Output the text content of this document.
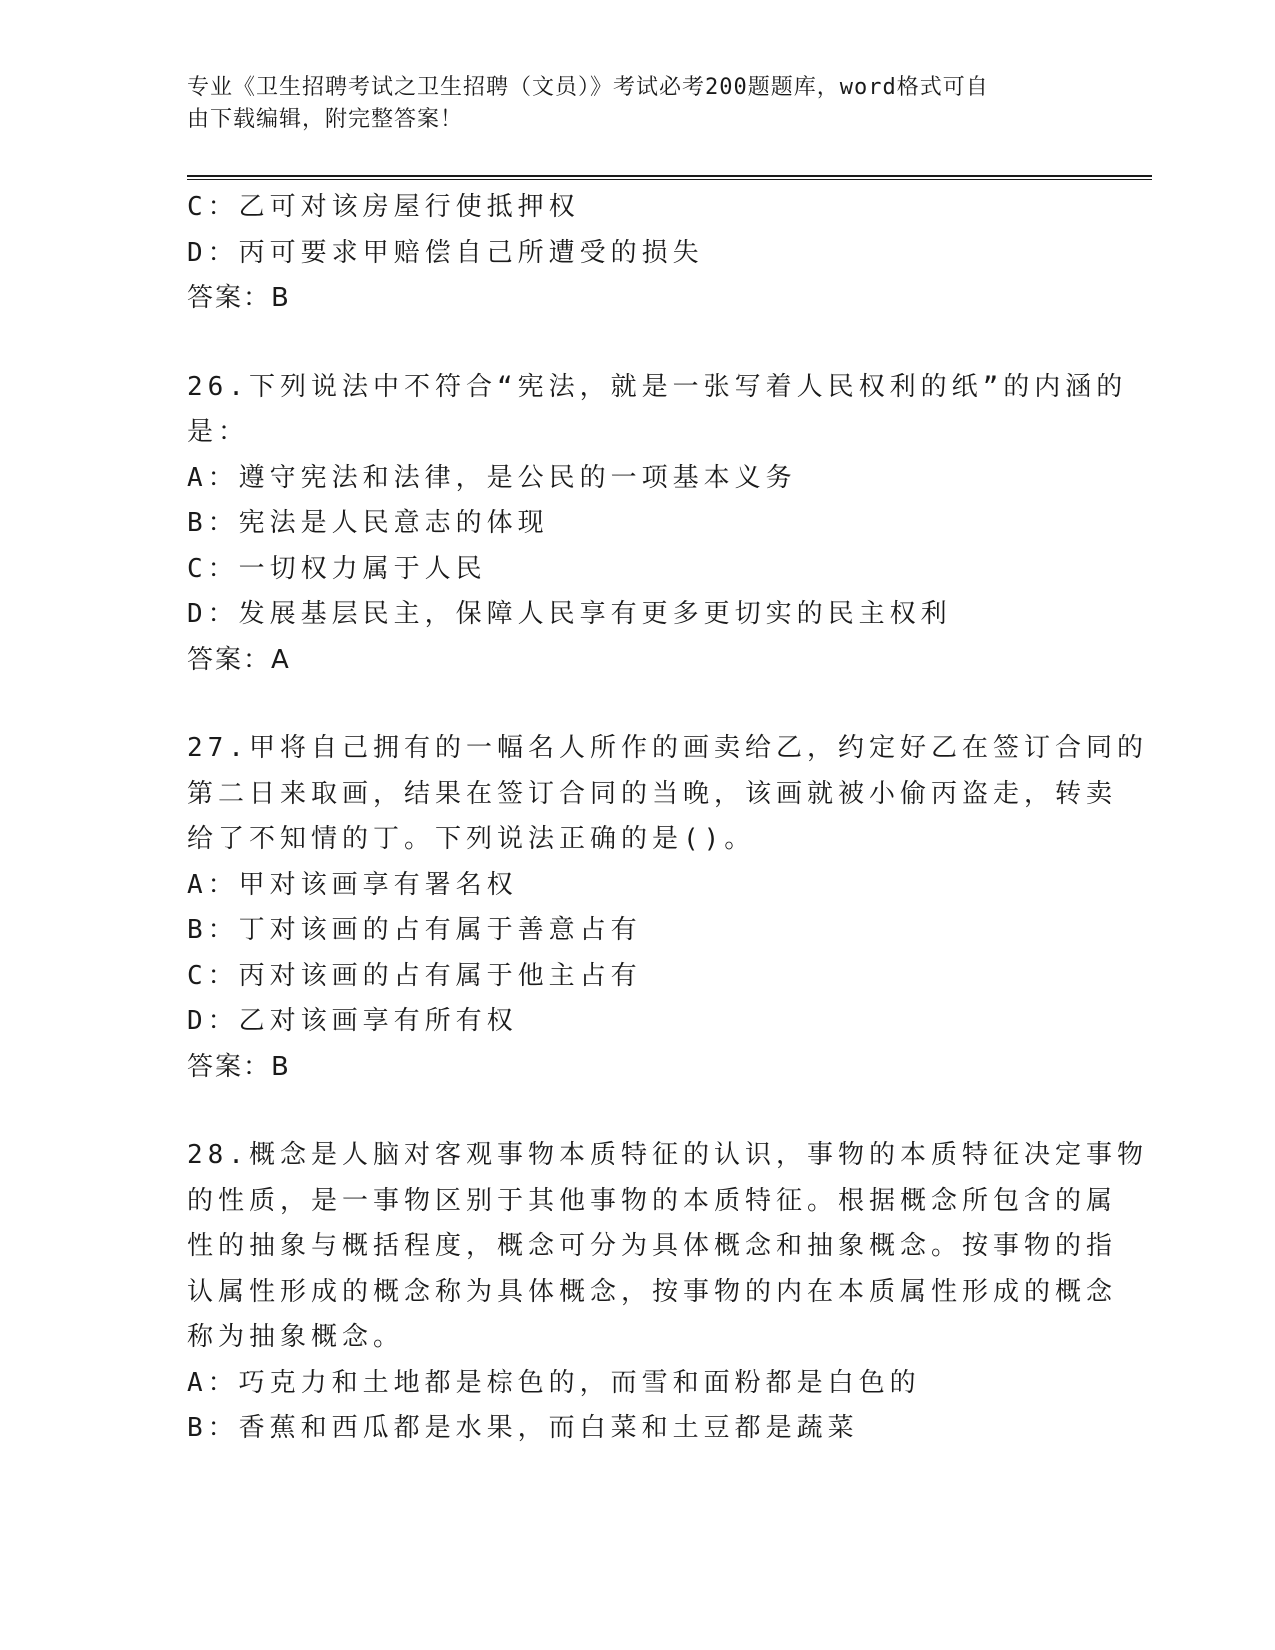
专业《卫生招聘考试之卫生招聘（文员）》考试必考200题题库，word格式可自
由下载编辑，附完整答案！
C：乙可对该房屋行使抵押权
D：丙可要求甲赔偿自己所遭受的损失
答案：B
26.下列说法中不符合“宪法，就是一张写着人民权利的纸”的内涵的
是：
A：遵守宪法和法律，是公民的一项基本义务
B：宪法是人民意志的体现
C：一切权力属于人民
D：发展基层民主，保障人民享有更多更切实的民主权利
答案：A
27.甲将自己拥有的一幅名人所作的画卖给乙，约定好乙在签订合同的
第二日来取画，结果在签订合同的当晚，该画就被小偷丙盗走，转卖
给了不知情的丁。下列说法正确的是()。
A：甲对该画享有署名权
B：丁对该画的占有属于善意占有
C：丙对该画的占有属于他主占有
D：乙对该画享有所有权
答案：B
28.概念是人脑对客观事物本质特征的认识，事物的本质特征决定事物
的性质，是一事物区别于其他事物的本质特征。根据概念所包含的属
性的抽象与概括程度，概念可分为具体概念和抽象概念。按事物的指
认属性形成的概念称为具体概念，按事物的内在本质属性形成的概念
称为抽象概念。
A：巧克力和土地都是棕色的，而雪和面粉都是白色的
B：香蕉和西瓜都是水果，而白菜和土豆都是蔬菜
